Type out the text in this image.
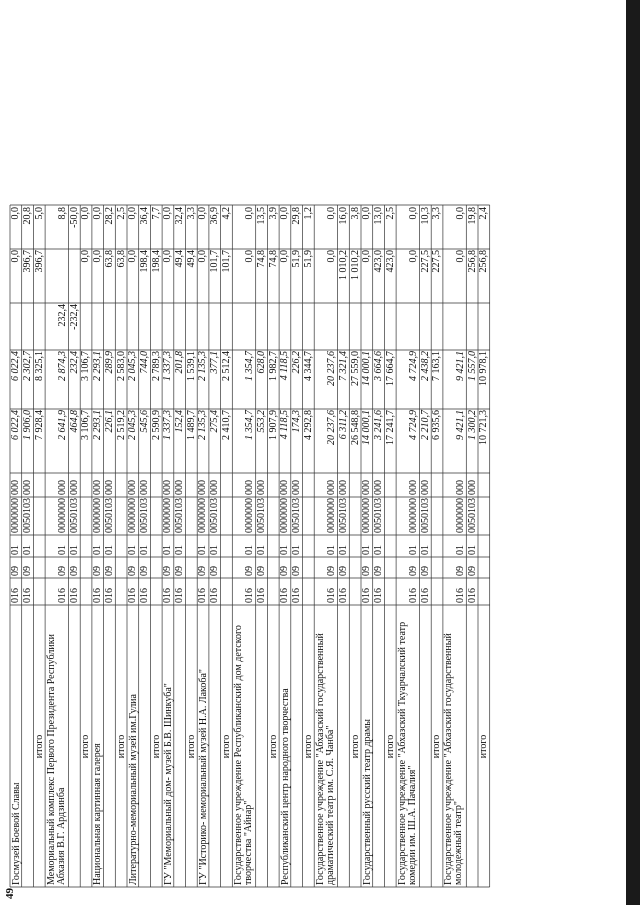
49
Госмузей Боевой Славы
016
09
01
0000000
000
6 022,4
6 022,4
0,0
0,0
016
09
01
0050103
000
1 906,0
2 302,7
396,7
20,8
итого
7 928,4
8 325,1
396,7
5,0
Мемориальный комплекс Первого Президента Республики Абхазия В.Г. Ардзинба
016
09
01
0000000
000
2 641,9
2 874,3
232,4
8,8
016
09
01
0050103
000
464,8
232,4
-232,4
-50,0
итого
3 106,7
3 106,7
0,0
0,0
Национальная картинная галерея
016
09
01
0000000
000
2 293,1
2 293,1
0,0
0,0
016
09
01
0050103
000
226,1
289,9
63,8
28,2
итого
2 519,2
2 583,0
63,8
2,5
Литературно-мемориальный музей им.Гулиа
016
09
01
0000000
000
2 045,3
2 045,3
0,0
0,0
016
09
01
0050103
000
545,6
744,0
198,4
36,4
итого
2 590,9
2 789,3
198,4
7,7
ГУ "Мемориальный дом- музей Б.В. Шинкуба"
016
09
01
0000000
000
1 337,3
1 337,3
0,0
0,0
016
09
01
0050103
000
152,4
201,8
49,4
32,4
итого
1 489,7
1 539,1
49,4
3,3
ГУ "Историко- мемориальный музей Н.А. Лакоба"
016
09
01
0000000
000
2 135,3
2 135,3
0,0
0,0
016
09
01
0050103
000
275,4
377,1
101,7
36,9
итого
2 410,7
2 512,4
101,7
4,2
Государственное учреждение Республиканский дом детского творчества "Айнар"
016
09
01
0000000
000
1 354,7
1 354,7
0,0
0,0
016
09
01
0050103
000
553,2
628,0
74,8
13,5
итого
1 907,9
1 982,7
74,8
3,9
Республиканский центр народного творчества
016
09
01
0000000
000
4 118,5
4 118,5
0,0
0,0
016
09
01
0050103
000
174,3
226,2
51,9
29,8
итого
4 292,8
4 344,7
51,9
1,2
Государственное учреждение "Абхазский государственный драматический театр им. С.Я. Чанба"
016
09
01
0000000
000
20 237,6
20 237,6
0,0
0,0
016
09
01
0050103
000
6 311,2
7 321,4
1 010,2
16,0
итого
26 548,8
27 559,0
1 010,2
3,8
Государственный русский театр драмы
016
09
01
0000000
000
14 000,1
14 000,1
0,0
0,0
016
09
01
0050103
000
3 241,6
3 664,6
423,0
13,0
итого
17 241,7
17 664,7
423,0
2,5
Государственное учреждение "Абхазский Ткуарчалский театр комедии им. Ш.А. Пачалия"
016
09
01
0000000
000
4 724,9
4 724,9
0,0
0,0
016
09
01
0050103
000
2 210,7
2 438,2
227,5
10,3
итого
6 935,6
7 163,1
227,5
3,3
Государственное учреждение "Абхазский государственный молодежный театр"
016
09
01
0000000
000
9 421,1
9 421,1
0,0
0,0
016
09
01
0050103
000
1 300,2
1 557,0
256,8
19,8
итого
10 721,3
10 978,1
256,8
2,4
